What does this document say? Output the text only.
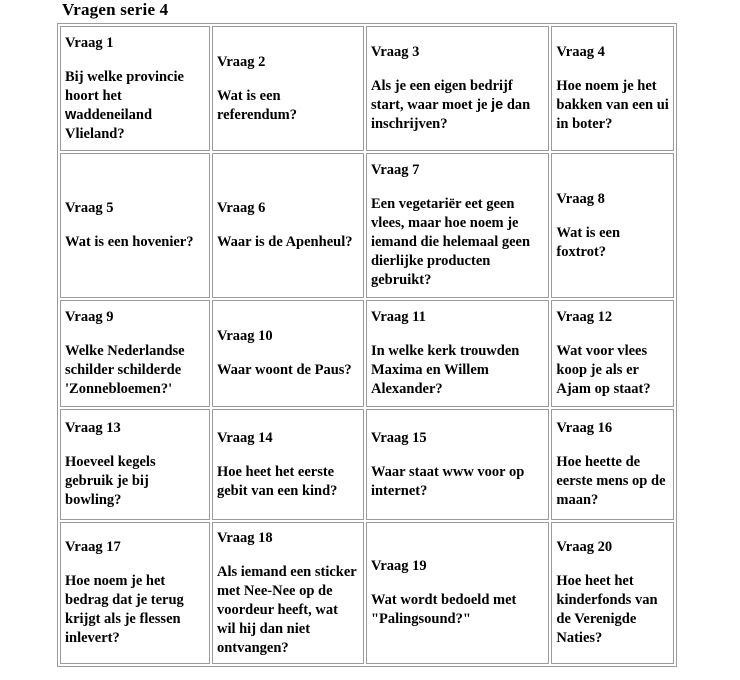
Vragen serie 4

Vraag 1

Bij welke provincie hoort het waddeneiland Vlieland?

Vraag 2

Wat is een referendum?

Vraag 3

Als je een eigen bedrijf start, waar moet je je dan inschrijven?

Vraag 4

Hoe noem je het bakken van een ui in boter?

Vraag 5

Wat is een hovenier?

Vraag 6

Waar is de Apenheul?

Vraag 7

Een vegetariër eet geen vlees, maar hoe noem je iemand die helemaal geen dierlijke producten gebruikt?

Vraag 8

Wat is een foxtrot?

Vraag 9

Welke Nederlandse schilder schilderde 'Zonnebloemen?'

Vraag 10

Waar woont de Paus?

Vraag 11

In welke kerk trouwden Maxima en Willem Alexander?

Vraag 12

Wat voor vlees koop je als er Ajam op staat?

Vraag 13

Hoeveel kegels gebruik je bij bowling?

Vraag 14

Hoe heet het eerste gebit van een kind?

Vraag 15

Waar staat www voor op internet?

Vraag 16

Hoe heette de eerste mens op de maan?

Vraag 17

Hoe noem je het bedrag dat je terug krijgt als je flessen inlevert?

Vraag 18

Als iemand een sticker met Nee-Nee op de voordeur heeft, wat wil hij dan niet ontvangen?

Vraag 19

Wat wordt bedoeld met "Palingsound?"

Vraag 20

Hoe heet het kinderfonds van de Verenigde Naties?
